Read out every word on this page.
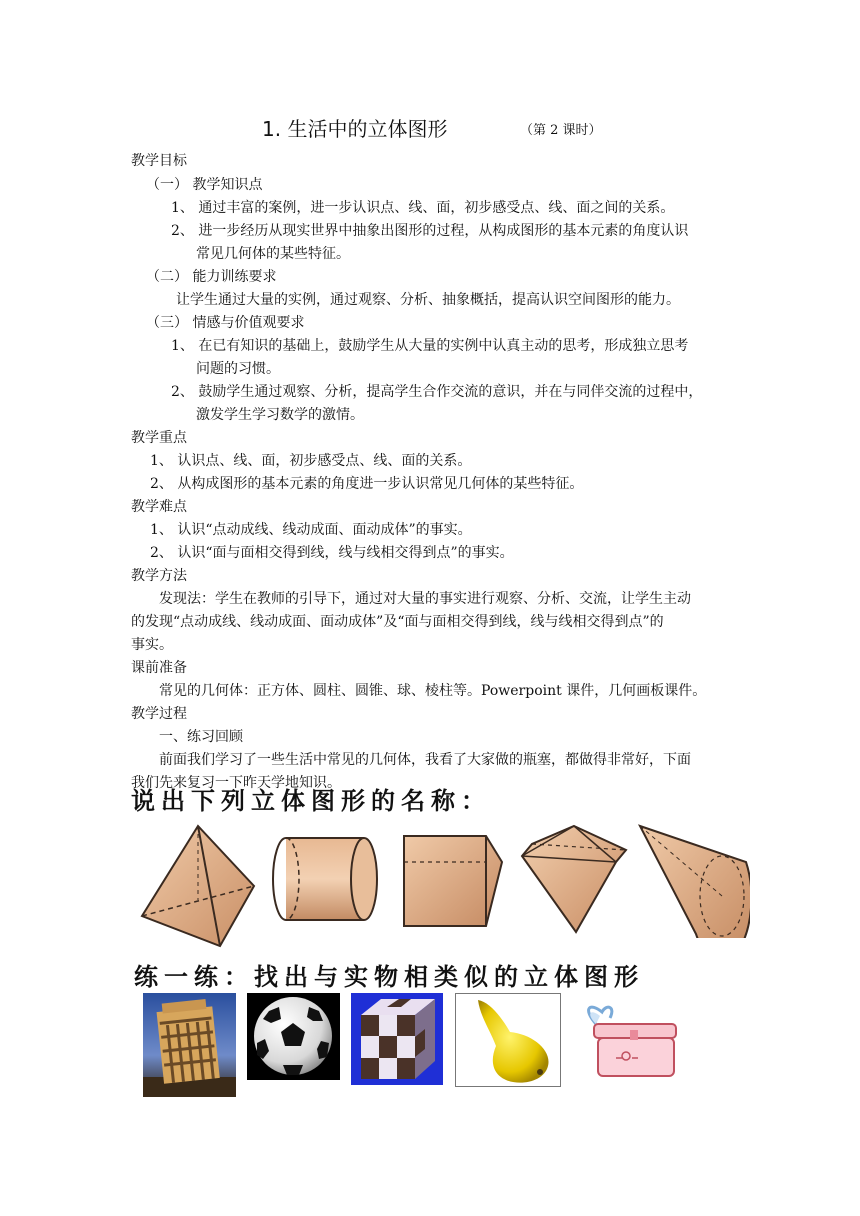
1. 生活中的立体图形	（第 2 课时）
教学目标
（一） 教学知识点
1、 通过丰富的案例，进一步认识点、线、面，初步感受点、线、面之间的关系。
2、 进一步经历从现实世界中抽象出图形的过程，从构成图形的基本元素的角度认识
常见几何体的某些特征。
（二） 能力训练要求
让学生通过大量的实例，通过观察、分析、抽象概括，提高认识空间图形的能力。
（三） 情感与价值观要求
1、 在已有知识的基础上，鼓励学生从大量的实例中认真主动的思考，形成独立思考
问题的习惯。
2、 鼓励学生通过观察、分析，提高学生合作交流的意识，并在与同伴交流的过程中，
激发学生学习数学的激情。
教学重点
1、 认识点、线、面，初步感受点、线、面的关系。
2、 从构成图形的基本元素的角度进一步认识常见几何体的某些特征。
教学难点
1、 认识“点动成线、线动成面、面动成体”的事实。
2、 认识“面与面相交得到线，线与线相交得到点”的事实。
教学方法
发现法：学生在教师的引导下，通过对大量的事实进行观察、分析、交流，让学生主动
的发现“点动成线、线动成面、面动成体”及“面与面相交得到线，线与线相交得到点”的
事实。
课前准备
常见的几何体：正方体、圆柱、圆锥、球、棱柱等。Powerpoint 课件，几何画板课件。
教学过程
一、练习回顾
前面我们学习了一些生活中常见的几何体，我看了大家做的瓶塞，都做得非常好，下面
我们先来复习一下昨天学地知识。
说出下列立体图形的名称：
练一练：找出与实物相类似的立体图形
